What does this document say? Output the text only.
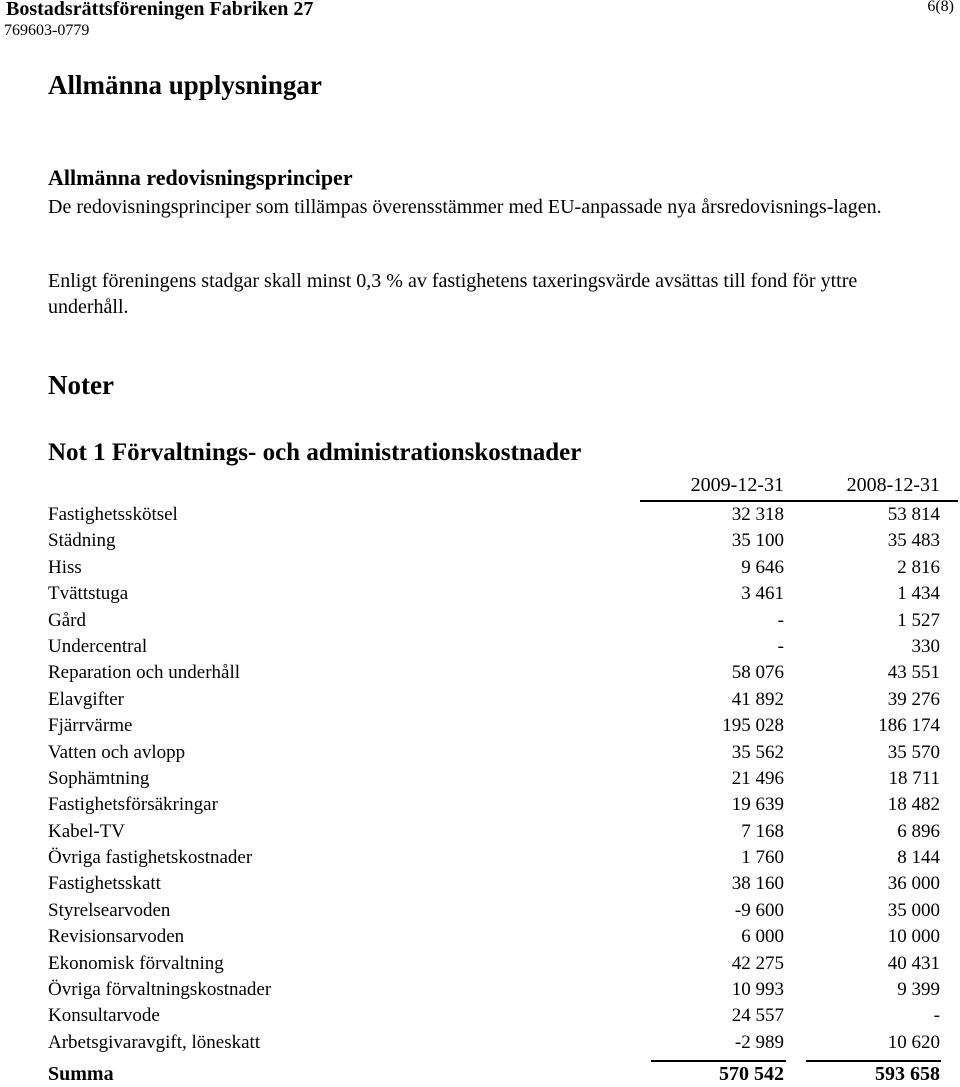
Bostadsrättsföreningen Fabriken 27
769603-0779
6(8)
Allmänna upplysningar
Allmänna redovisningsprinciper
De redovisningsprinciper som tillämpas överensstämmer med EU-anpassade nya årsredovisnings-lagen.
Enligt föreningens stadgar skall minst 0,3 % av fastighetens taxeringsvärde avsättas till fond för yttre underhåll.
Noter
Not 1 Förvaltnings- och administrationskostnader
2009-12-31	2008-12-31
Fastighetsskötsel	32 318	53 814
Städning	35 100	35 483
Hiss	9 646	2 816
Tvättstuga	3 461	1 434
Gård	-	1 527
Undercentral	-	330
Reparation och underhåll	58 076	43 551
Elavgifter	41 892	39 276
Fjärrvärme	195 028	186 174
Vatten och avlopp	35 562	35 570
Sophämtning	21 496	18 711
Fastighetsförsäkringar	19 639	18 482
Kabel-TV	7 168	6 896
Övriga fastighetskostnader	1 760	8 144
Fastighetsskatt	38 160	36 000
Styrelsearvoden	-9 600	35 000
Revisionsarvoden	6 000	10 000
Ekonomisk förvaltning	42 275	40 431
Övriga förvaltningskostnader	10 993	9 399
Konsultarvode	24 557	-
Arbetsgivaravgift, löneskatt	-2 989	10 620
Summa	570 542	593 658
